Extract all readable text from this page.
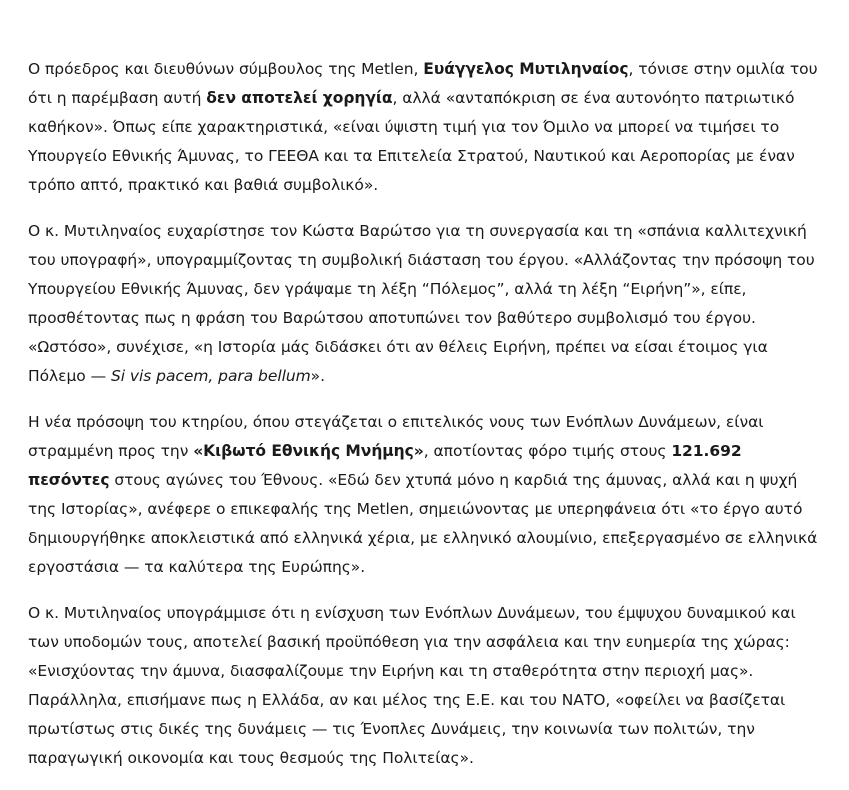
Ο πρόεδρος και διευθύνων σύμβουλος της Metlen, Ευάγγελος Μυτιληναίος, τόνισε στην ομιλία του ότι η παρέμβαση αυτή δεν αποτελεί χορηγία, αλλά «ανταπόκριση σε ένα αυτονόητο πατριωτικό καθήκον». Όπως είπε χαρακτηριστικά, «είναι ύψιστη τιμή για τον Όμιλο να μπορεί να τιμήσει το Υπουργείο Εθνικής Άμυνας, το ΓΕΕΘΑ και τα Επιτελεία Στρατού, Ναυτικού και Αεροπορίας με έναν τρόπο απτό, πρακτικό και βαθιά συμβολικό».

Ο κ. Μυτιληναίος ευχαρίστησε τον Κώστα Βαρώτσο για τη συνεργασία και τη «σπάνια καλλιτεχνική του υπογραφή», υπογραμμίζοντας τη συμβολική διάσταση του έργου. «Αλλάζοντας την πρόσοψη του Υπουργείου Εθνικής Άμυνας, δεν γράψαμε τη λέξη “Πόλεμος”, αλλά τη λέξη “Ειρήνη”», είπε, προσθέτοντας πως η φράση του Βαρώτσου αποτυπώνει τον βαθύτερο συμβολισμό του έργου. «Ωστόσο», συνέχισε, «η Ιστορία μάς διδάσκει ότι αν θέλεις Ειρήνη, πρέπει να είσαι έτοιμος για Πόλεμο — Si vis pacem, para bellum».

Η νέα πρόσοψη του κτηρίου, όπου στεγάζεται ο επιτελικός νους των Ενόπλων Δυνάμεων, είναι στραμμένη προς την «Κιβωτό Εθνικής Μνήμης», αποτίοντας φόρο τιμής στους 121.692 πεσόντες στους αγώνες του Έθνους. «Εδώ δεν χτυπά μόνο η καρδιά της άμυνας, αλλά και η ψυχή της Ιστορίας», ανέφερε ο επικεφαλής της Metlen, σημειώνοντας με υπερηφάνεια ότι «το έργο αυτό δημιουργήθηκε αποκλειστικά από ελληνικά χέρια, με ελληνικό αλουμίνιο, επεξεργασμένο σε ελληνικά εργοστάσια — τα καλύτερα της Ευρώπης».

Ο κ. Μυτιληναίος υπογράμμισε ότι η ενίσχυση των Ενόπλων Δυνάμεων, του έμψυχου δυναμικού και των υποδομών τους, αποτελεί βασική προϋπόθεση για την ασφάλεια και την ευημερία της χώρας: «Ενισχύοντας την άμυνα, διασφαλίζουμε την Ειρήνη και τη σταθερότητα στην περιοχή μας». Παράλληλα, επισήμανε πως η Ελλάδα, αν και μέλος της Ε.Ε. και του ΝΑΤΟ, «οφείλει να βασίζεται πρωτίστως στις δικές της δυνάμεις — τις Ένοπλες Δυνάμεις, την κοινωνία των πολιτών, την παραγωγική οικονομία και τους θεσμούς της Πολιτείας».
